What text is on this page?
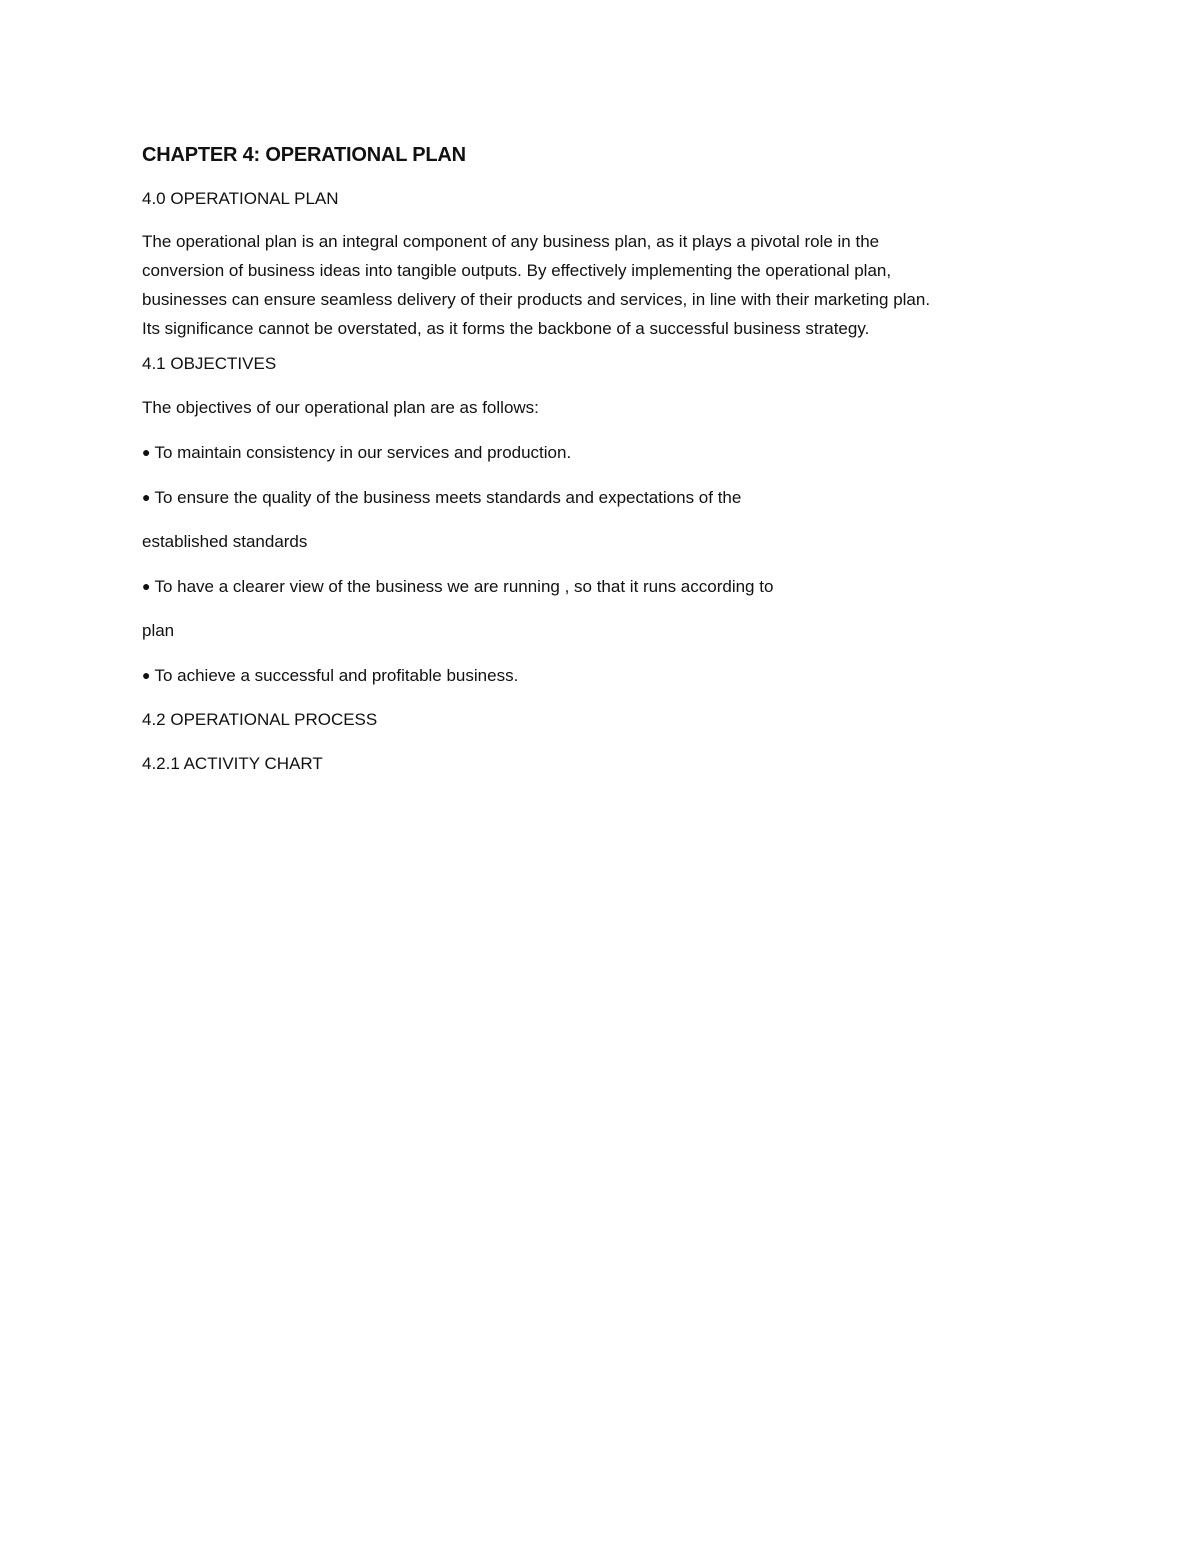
CHAPTER 4: OPERATIONAL PLAN

4.0 OPERATIONAL PLAN

The operational plan is an integral component of any business plan, as it plays a pivotal role in the
conversion of business ideas into tangible outputs. By effectively implementing the operational plan,
businesses can ensure seamless delivery of their products and services, in line with their marketing plan.
Its significance cannot be overstated, as it forms the backbone of a successful business strategy.

4.1 OBJECTIVES

The objectives of our operational plan are as follows:

● To maintain consistency in our services and production.

● To ensure the quality of the business meets standards and expectations of the

established standards

● To have a clearer view of the business we are running , so that it runs according to

plan

● To achieve a successful and profitable business.

4.2 OPERATIONAL PROCESS

4.2.1 ACTIVITY CHART
